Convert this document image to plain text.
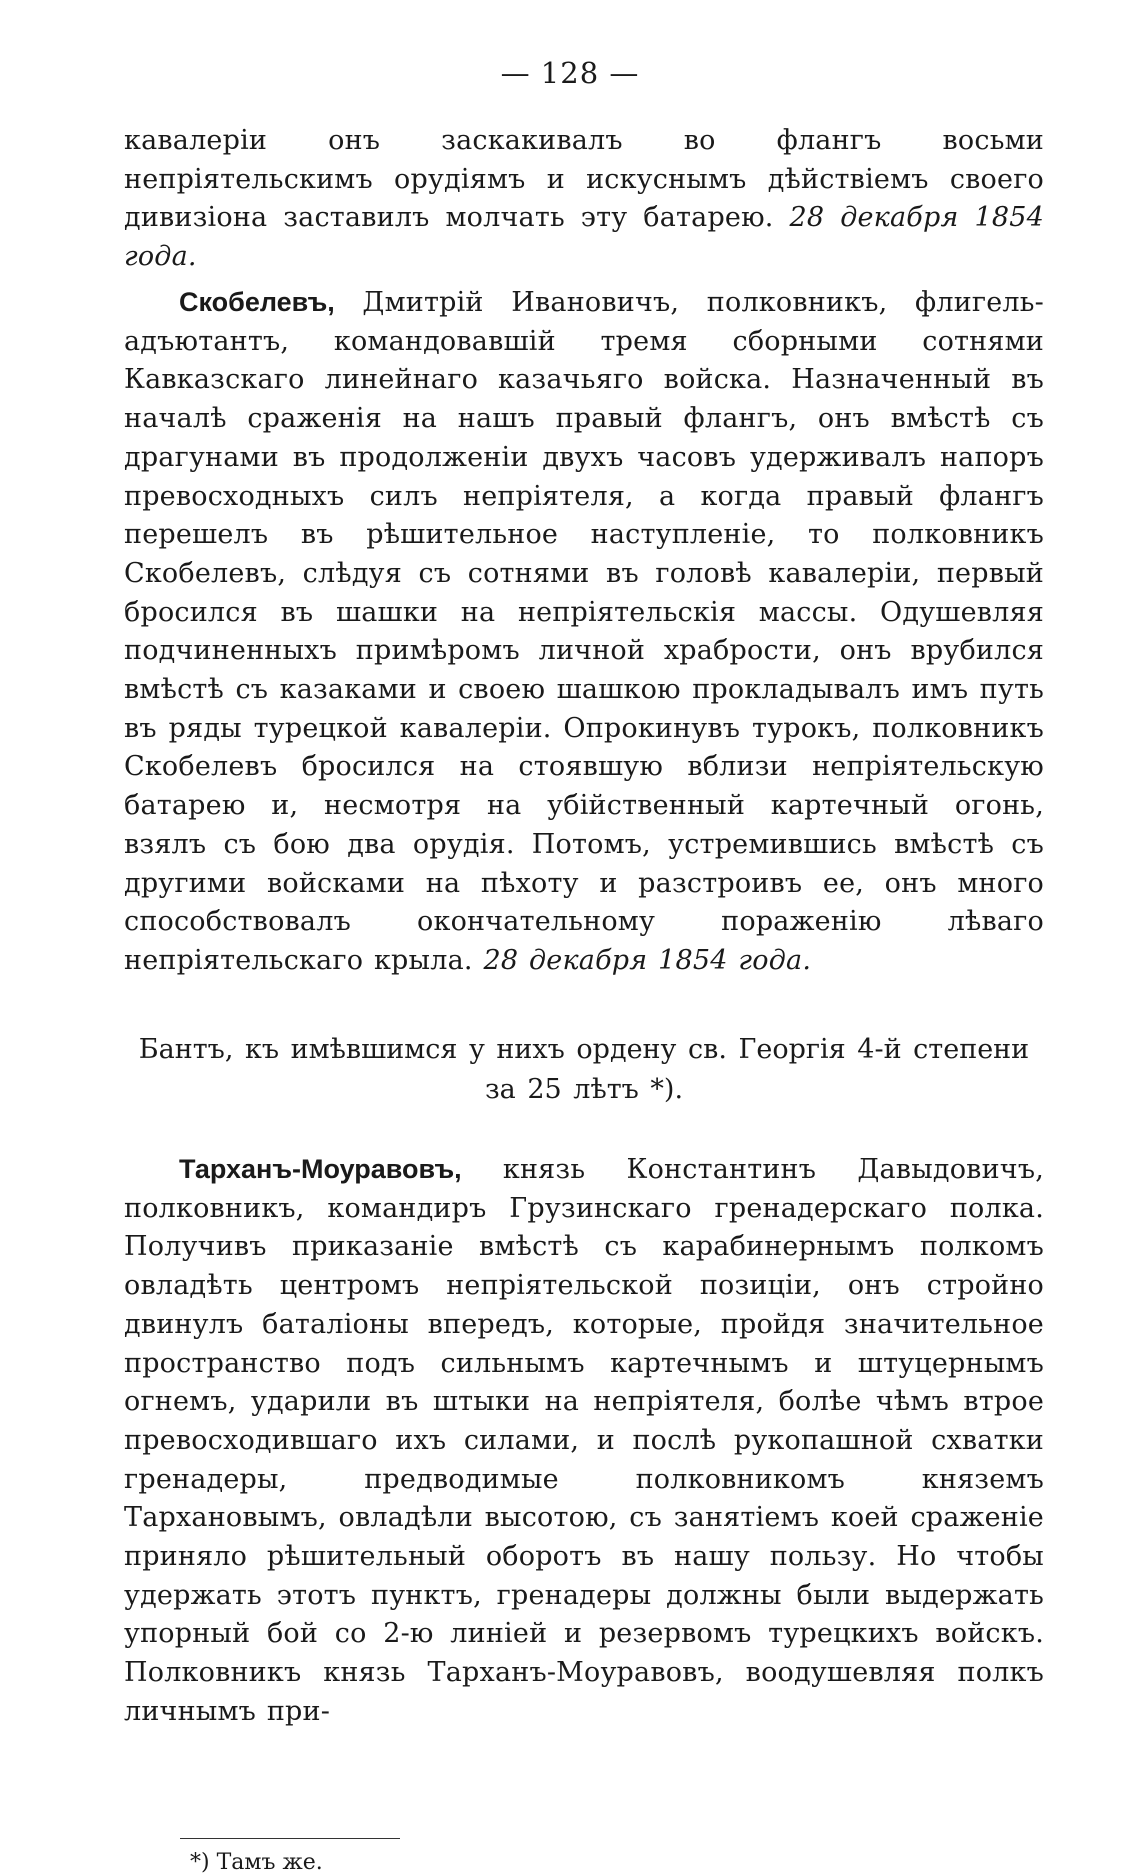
— 128 —

кавалеріи онъ заскакивалъ во флангъ восьми непріятельскимъ орудіямъ и искуснымъ дѣйствіемъ своего дивизіона заставилъ молчать эту батарею. 28 декабря 1854 года.

Скобелевъ, Дмитрій Ивановичъ, полковникъ, флигель-адъютантъ, командовавшій тремя сборными сотнями Кавказскаго линейнаго казачьяго войска. Назначенный въ началѣ сраженія на нашъ правый флангъ, онъ вмѣстѣ съ драгунами въ продолженіи двухъ часовъ удерживалъ напоръ превосходныхъ силъ непріятеля, а когда правый флангъ перешелъ въ рѣшительное наступленіе, то полковникъ Скобелевъ, слѣдуя съ сотнями въ головѣ кавалеріи, первый бросился въ шашки на непріятельскія массы. Одушевляя подчиненныхъ примѣромъ личной храбрости, онъ врубился вмѣстѣ съ казаками и своею шашкою прокладывалъ имъ путь въ ряды турецкой кавалеріи. Опрокинувъ турокъ, полковникъ Скобелевъ бросился на стоявшую вблизи непріятельскую батарею и, несмотря на убійственный картечный огонь, взялъ съ бою два орудія. Потомъ, устремившись вмѣстѣ съ другими войсками на пѣхоту и разстроивъ ее, онъ много способствовалъ окончательному пораженію лѣваго непріятельскаго крыла. 28 декабря 1854 года.

Бантъ, къ имѣвшимся у нихъ ордену св. Георгія 4-й степени
за 25 лѣтъ *).

Тарханъ-Моуравовъ, князь Константинъ Давыдовичъ, полковникъ, командиръ Грузинскаго гренадерскаго полка. Получивъ приказаніе вмѣстѣ съ карабинернымъ полкомъ овладѣть центромъ непріятельской позиціи, онъ стройно двинулъ баталіоны впередъ, которые, пройдя значительное пространство подъ сильнымъ картечнымъ и штуцернымъ огнемъ, ударили въ штыки на непріятеля, болѣе чѣмъ втрое превосходившаго ихъ силами, и послѣ рукопашной схватки гренадеры, предводимые полковникомъ княземъ Тархановымъ, овладѣли высотою, съ занятіемъ коей сраженіе приняло рѣшительный оборотъ въ нашу пользу. Но чтобы удержать этотъ пунктъ, гренадеры должны были выдержать упорный бой со 2-ю линіей и резервомъ турецкихъ войскъ. Полковникъ князь Тарханъ-Моуравовъ, воодушевляя полкъ личнымъ при-

*) Тамъ же.
